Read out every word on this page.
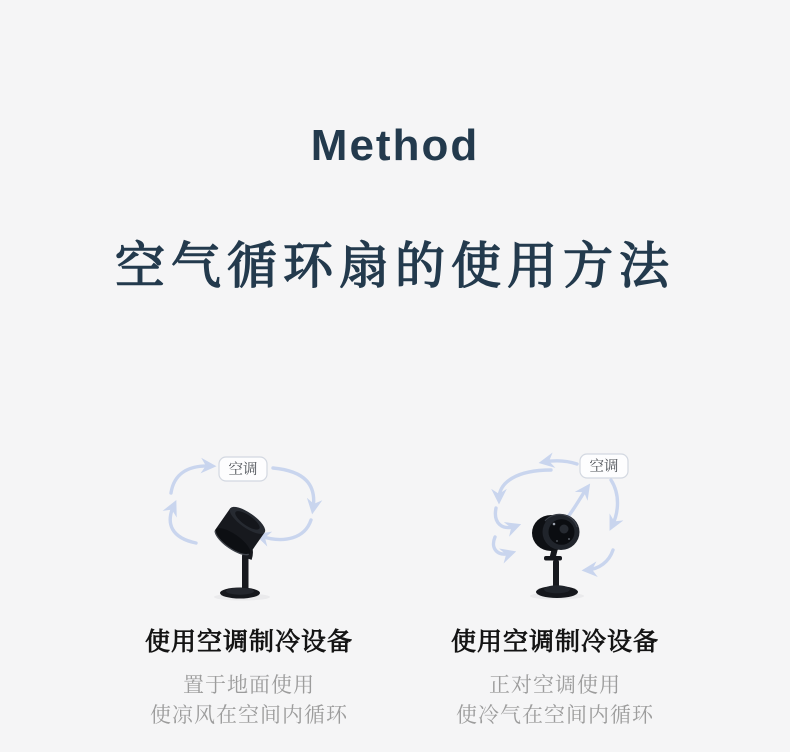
Method
空气循环扇的使用方法
空调
使用空调制冷设备
置于地面使用
使凉风在空间内循环
空调
使用空调制冷设备
正对空调使用
使冷气在空间内循环
